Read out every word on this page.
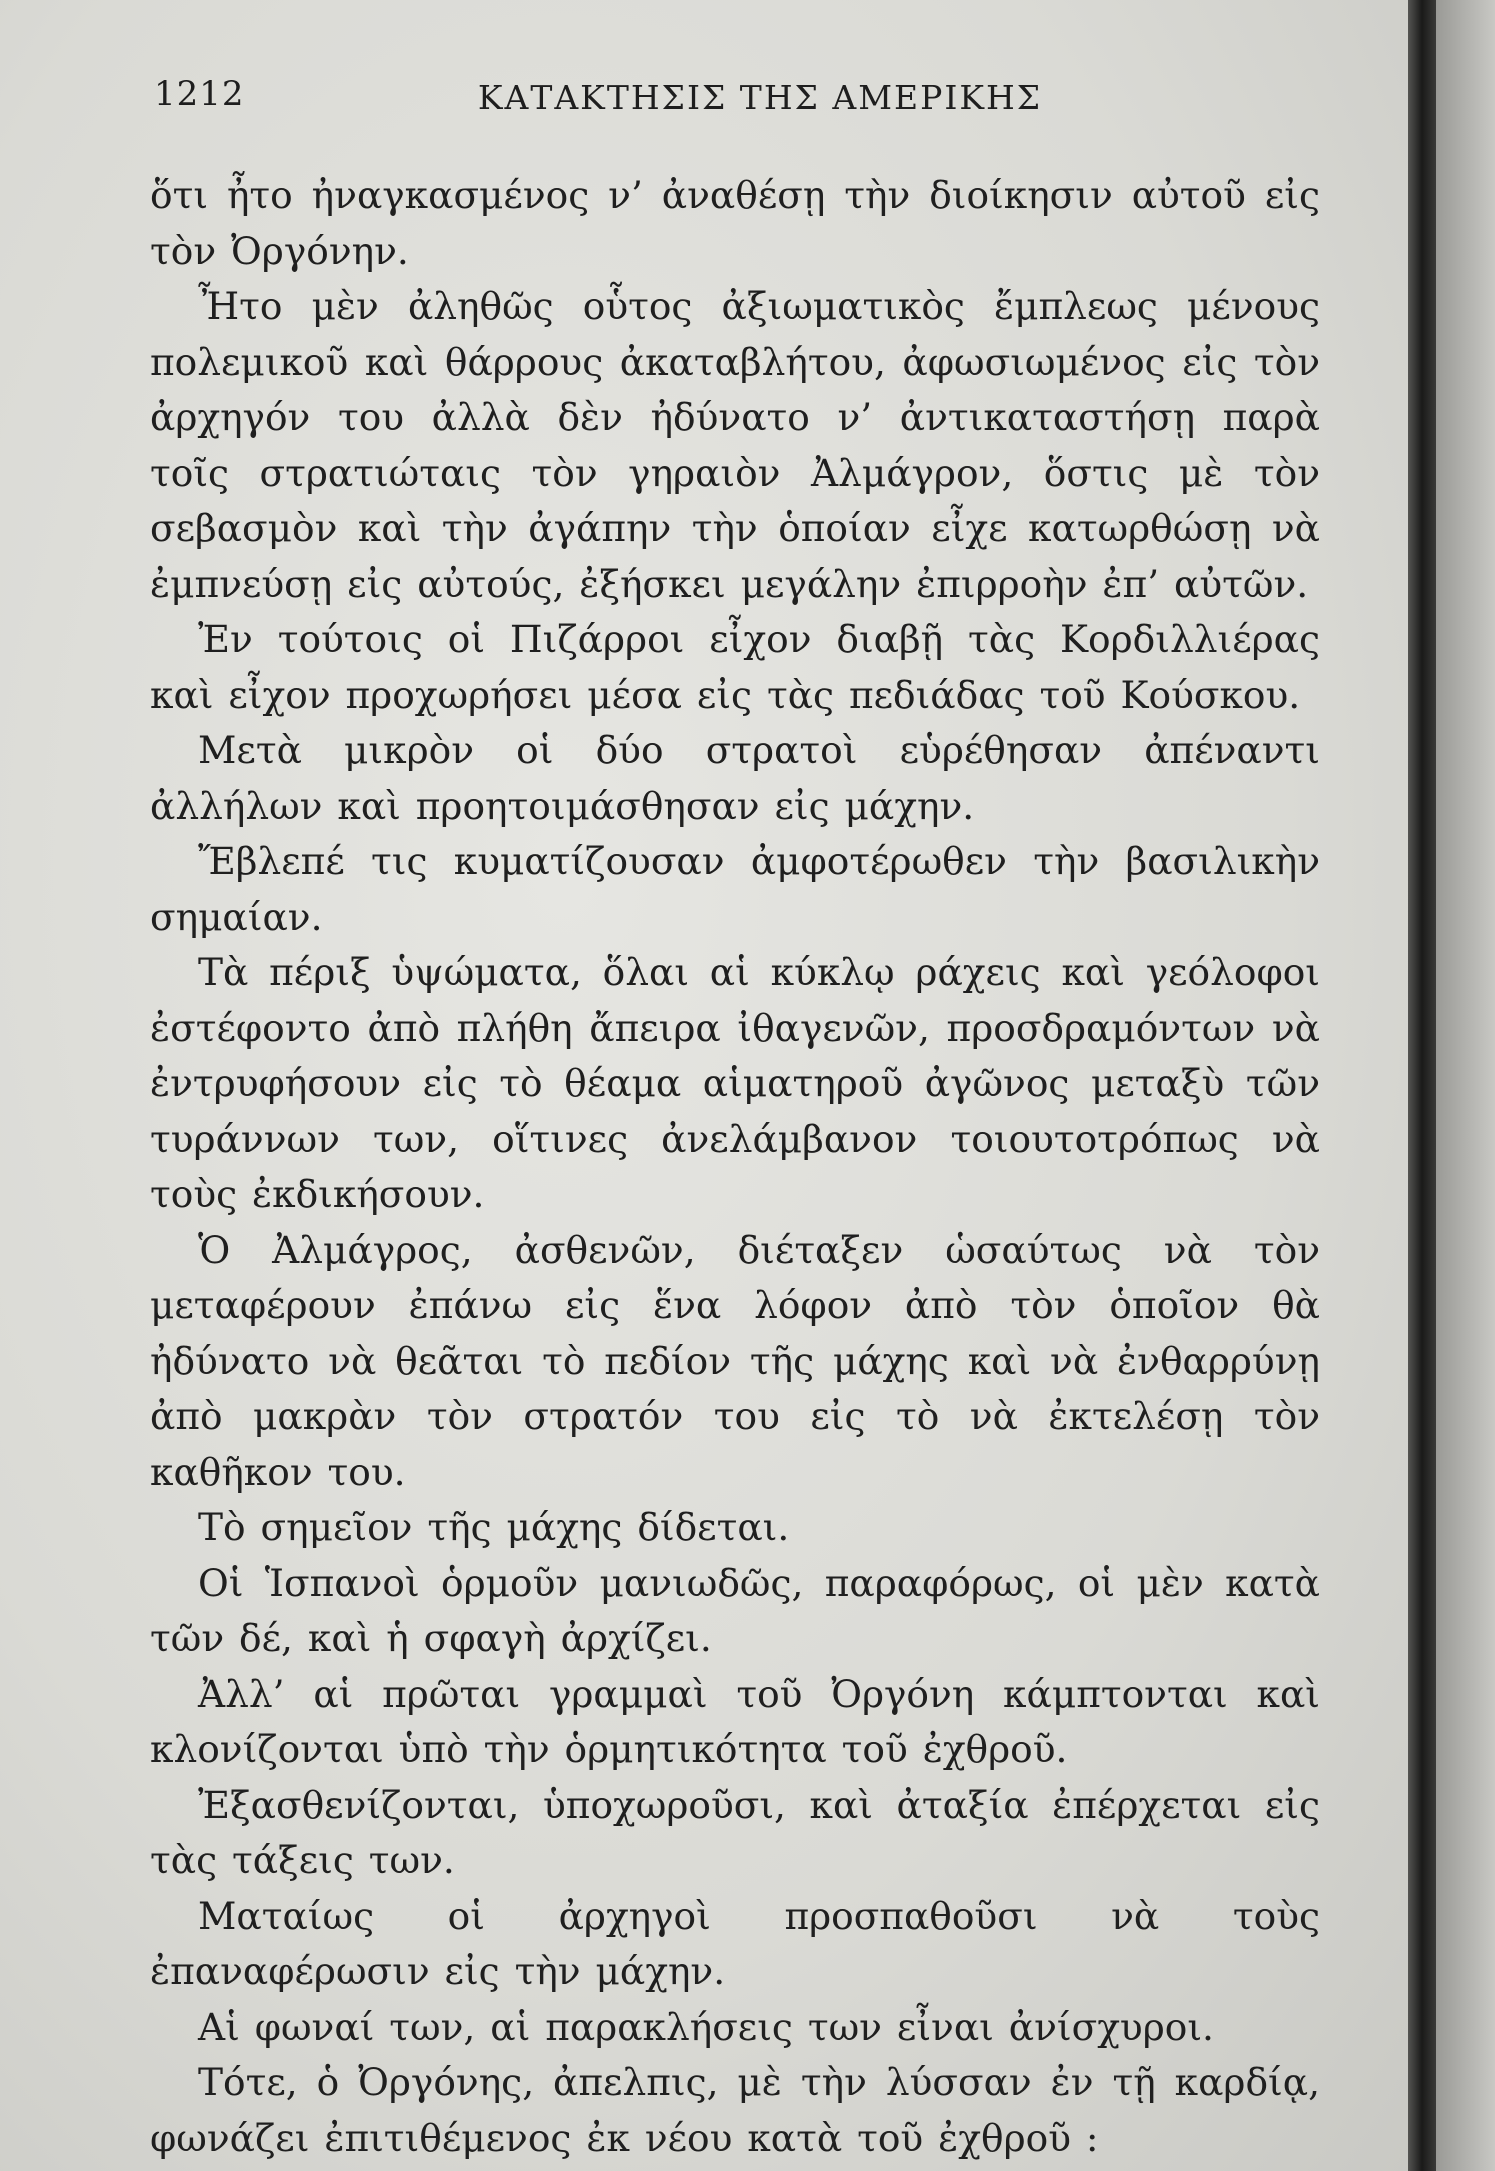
1212	ΚΑΤΑΚΤΗΣΙΣ ΤΗΣ ΑΜΕΡΙΚΗΣ

ὅτι ἦτο ἠναγκασμένος ν’ ἀναθέσῃ τὴν διοίκησιν αὐτοῦ εἰς τὸν Ὀργόνην.

Ἦτο μὲν ἀληθῶς οὗτος ἀξιωματικὸς ἔμπλεως μένους πολεμικοῦ καὶ θάρρους ἀκαταβλήτου, ἀφωσιωμένος εἰς τὸν ἀρχηγόν του ἀλλὰ δὲν ἠδύνατο ν’ ἀντικαταστήσῃ παρὰ τοῖς στρατιώταις τὸν γηραιὸν Ἀλμάγρον, ὅστις μὲ τὸν σεβασμὸν καὶ τὴν ἀγάπην τὴν ὁποίαν εἶχε κατωρθώσῃ νὰ ἐμπνεύσῃ εἰς αὐτούς, ἐξήσκει μεγάλην ἐπιρροὴν ἐπ’ αὐτῶν.

Ἐν τούτοις οἱ Πιζάρροι εἶχον διαβῇ τὰς Κορδιλλιέρας καὶ εἶχον προχωρήσει μέσα εἰς τὰς πεδιάδας τοῦ Κούσκου.

Μετὰ μικρὸν οἱ δύο στρατοὶ εὑρέθησαν ἀπέναντι ἀλλήλων καὶ προητοιμάσθησαν εἰς μάχην.

Ἔβλεπέ τις κυματίζουσαν ἀμφοτέρωθεν τὴν βασιλικὴν σημαίαν.

Τὰ πέριξ ὑψώματα, ὅλαι αἱ κύκλῳ ράχεις καὶ γεόλοφοι ἐστέφοντο ἀπὸ πλήθη ἄπειρα ἰθαγενῶν, προσδραμόντων νὰ ἐντρυφήσουν εἰς τὸ θέαμα αἱματηροῦ ἀγῶνος μεταξὺ τῶν τυράννων των, οἵτινες ἀνελάμβανον τοιουτοτρόπως νὰ τοὺς ἐκδικήσουν.

Ὁ Ἀλμάγρος, ἀσθενῶν, διέταξεν ὡσαύτως νὰ τὸν μεταφέρουν ἐπάνω εἰς ἕνα λόφον ἀπὸ τὸν ὁποῖον θὰ ἠδύνατο νὰ θεᾶται τὸ πεδίον τῆς μάχης καὶ νὰ ἐνθαρρύνῃ ἀπὸ μακρὰν τὸν στρατόν του εἰς τὸ νὰ ἐκτελέσῃ τὸν καθῆκον του.

Τὸ σημεῖον τῆς μάχης δίδεται.

Οἱ Ἱσπανοὶ ὁρμοῦν μανιωδῶς, παραφόρως, οἱ μὲν κατὰ τῶν δέ, καὶ ἡ σφαγὴ ἀρχίζει.

Ἀλλ’ αἱ πρῶται γραμμαὶ τοῦ Ὀργόνη κάμπτονται καὶ κλονίζονται ὑπὸ τὴν ὁρμητικότητα τοῦ ἐχθροῦ.

Ἐξασθενίζονται, ὑποχωροῦσι, καὶ ἀταξία ἐπέρχεται εἰς τὰς τάξεις των.

Ματαίως οἱ ἀρχηγοὶ προσπαθοῦσι νὰ τοὺς ἐπαναφέρωσιν εἰς τὴν μάχην.

Αἱ φωναί των, αἱ παρακλήσεις των εἶναι ἀνίσχυροι.

Τότε, ὁ Ὀργόνης, ἀπελπις, μὲ τὴν λύσσαν ἐν τῇ καρδίᾳ, φωνάζει ἐπιτιθέμενος ἐκ νέου κατὰ τοῦ ἐχθροῦ :
